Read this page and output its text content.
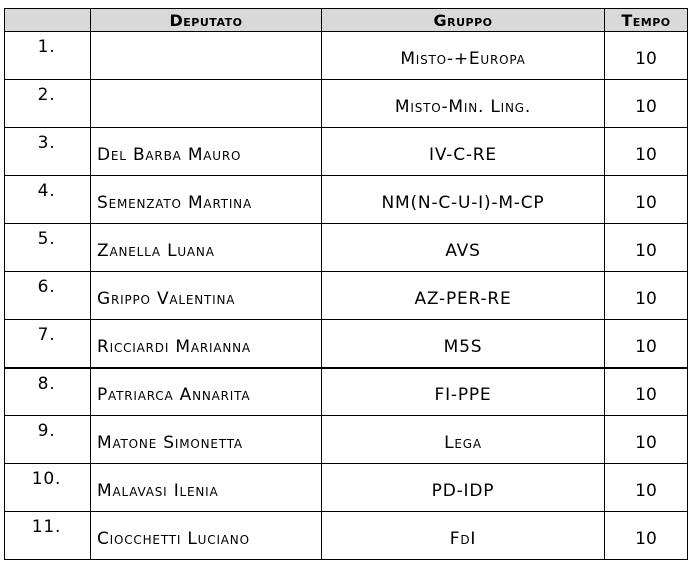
	Deputato	Gruppo	Tempo
1.		Misto-+Europa	10
2.		Misto-Min. Ling.	10
3.	Del Barba Mauro	IV-C-RE	10
4.	Semenzato Martina	NM(N-C-U-I)-M-CP	10
5.	Zanella Luana	AVS	10
6.	Grippo Valentina	AZ-PER-RE	10
7.	Ricciardi Marianna	M5S	10
8.	Patriarca Annarita	FI-PPE	10
9.	Matone Simonetta	Lega	10
10.	Malavasi Ilenia	PD-IDP	10
11.	Ciocchetti Luciano	FdI	10
